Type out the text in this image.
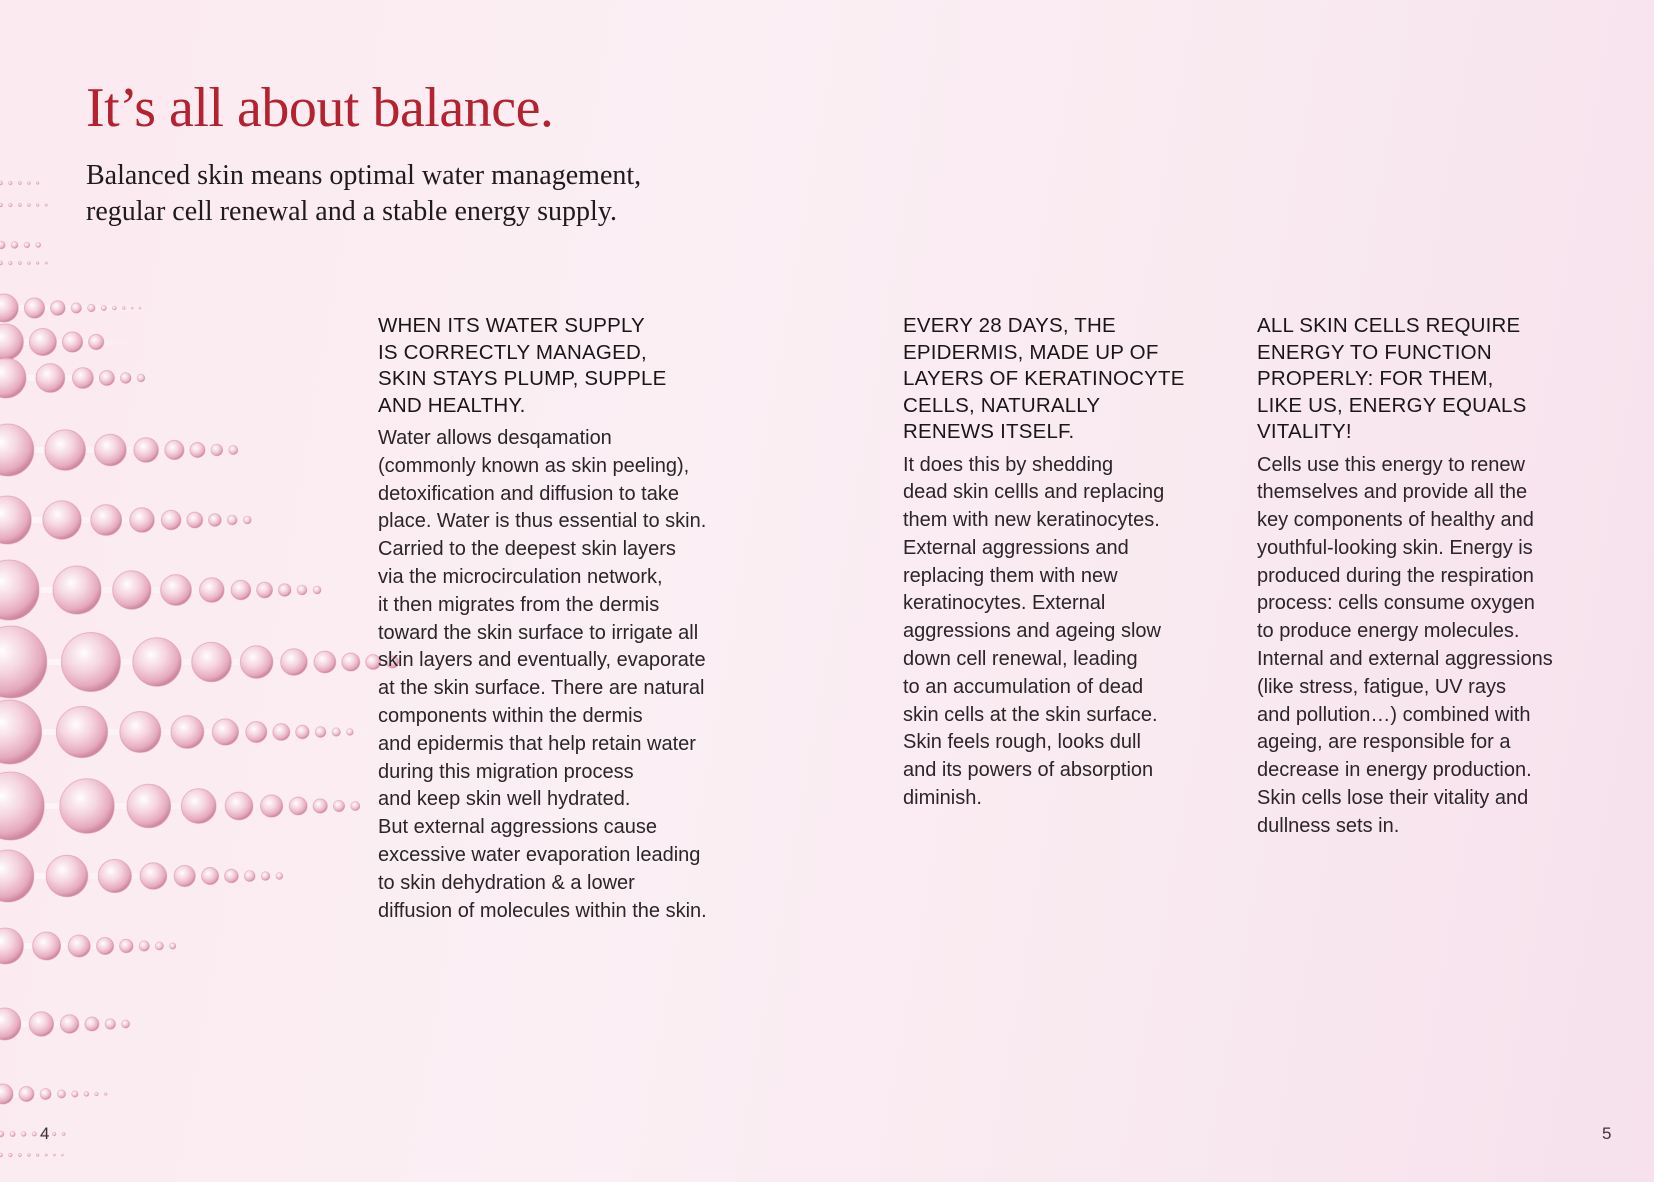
It’s all about balance.

Balanced skin means optimal water management,
regular cell renewal and a stable energy supply.

WHEN ITS WATER SUPPLY
IS CORRECTLY MANAGED,
SKIN STAYS PLUMP, SUPPLE
AND HEALTHY.

Water allows desqamation
(commonly known as skin peeling),
detoxification and diffusion to take
place. Water is thus essential to skin.
Carried to the deepest skin layers
via the microcirculation network,
it then migrates from the dermis
toward the skin surface to irrigate all
skin layers and eventually, evaporate
at the skin surface. There are natural
components within the dermis
and epidermis that help retain water
during this migration process
and keep skin well hydrated.
But external aggressions cause
excessive water evaporation leading
to skin dehydration & a lower
diffusion of molecules within the skin.

EVERY 28 DAYS, THE
EPIDERMIS, MADE UP OF
LAYERS OF KERATINOCYTE
CELLS, NATURALLY
RENEWS ITSELF.

It does this by shedding
dead skin cellls and replacing
them with new keratinocytes.
External aggressions and
replacing them with new
keratinocytes. External
aggressions and ageing slow
down cell renewal, leading
to an accumulation of dead
skin cells at the skin surface.
Skin feels rough, looks dull
and its powers of absorption
diminish.

ALL SKIN CELLS REQUIRE
ENERGY TO FUNCTION
PROPERLY: FOR THEM,
LIKE US, ENERGY EQUALS
VITALITY!

Cells use this energy to renew
themselves and provide all the
key components of healthy and
youthful-looking skin. Energy is
produced during the respiration
process: cells consume oxygen
to produce energy molecules.
Internal and external aggressions
(like stress, fatigue, UV rays
and pollution…) combined with
ageing, are responsible for a
decrease in energy production.
Skin cells lose their vitality and
dullness sets in.

4	5
